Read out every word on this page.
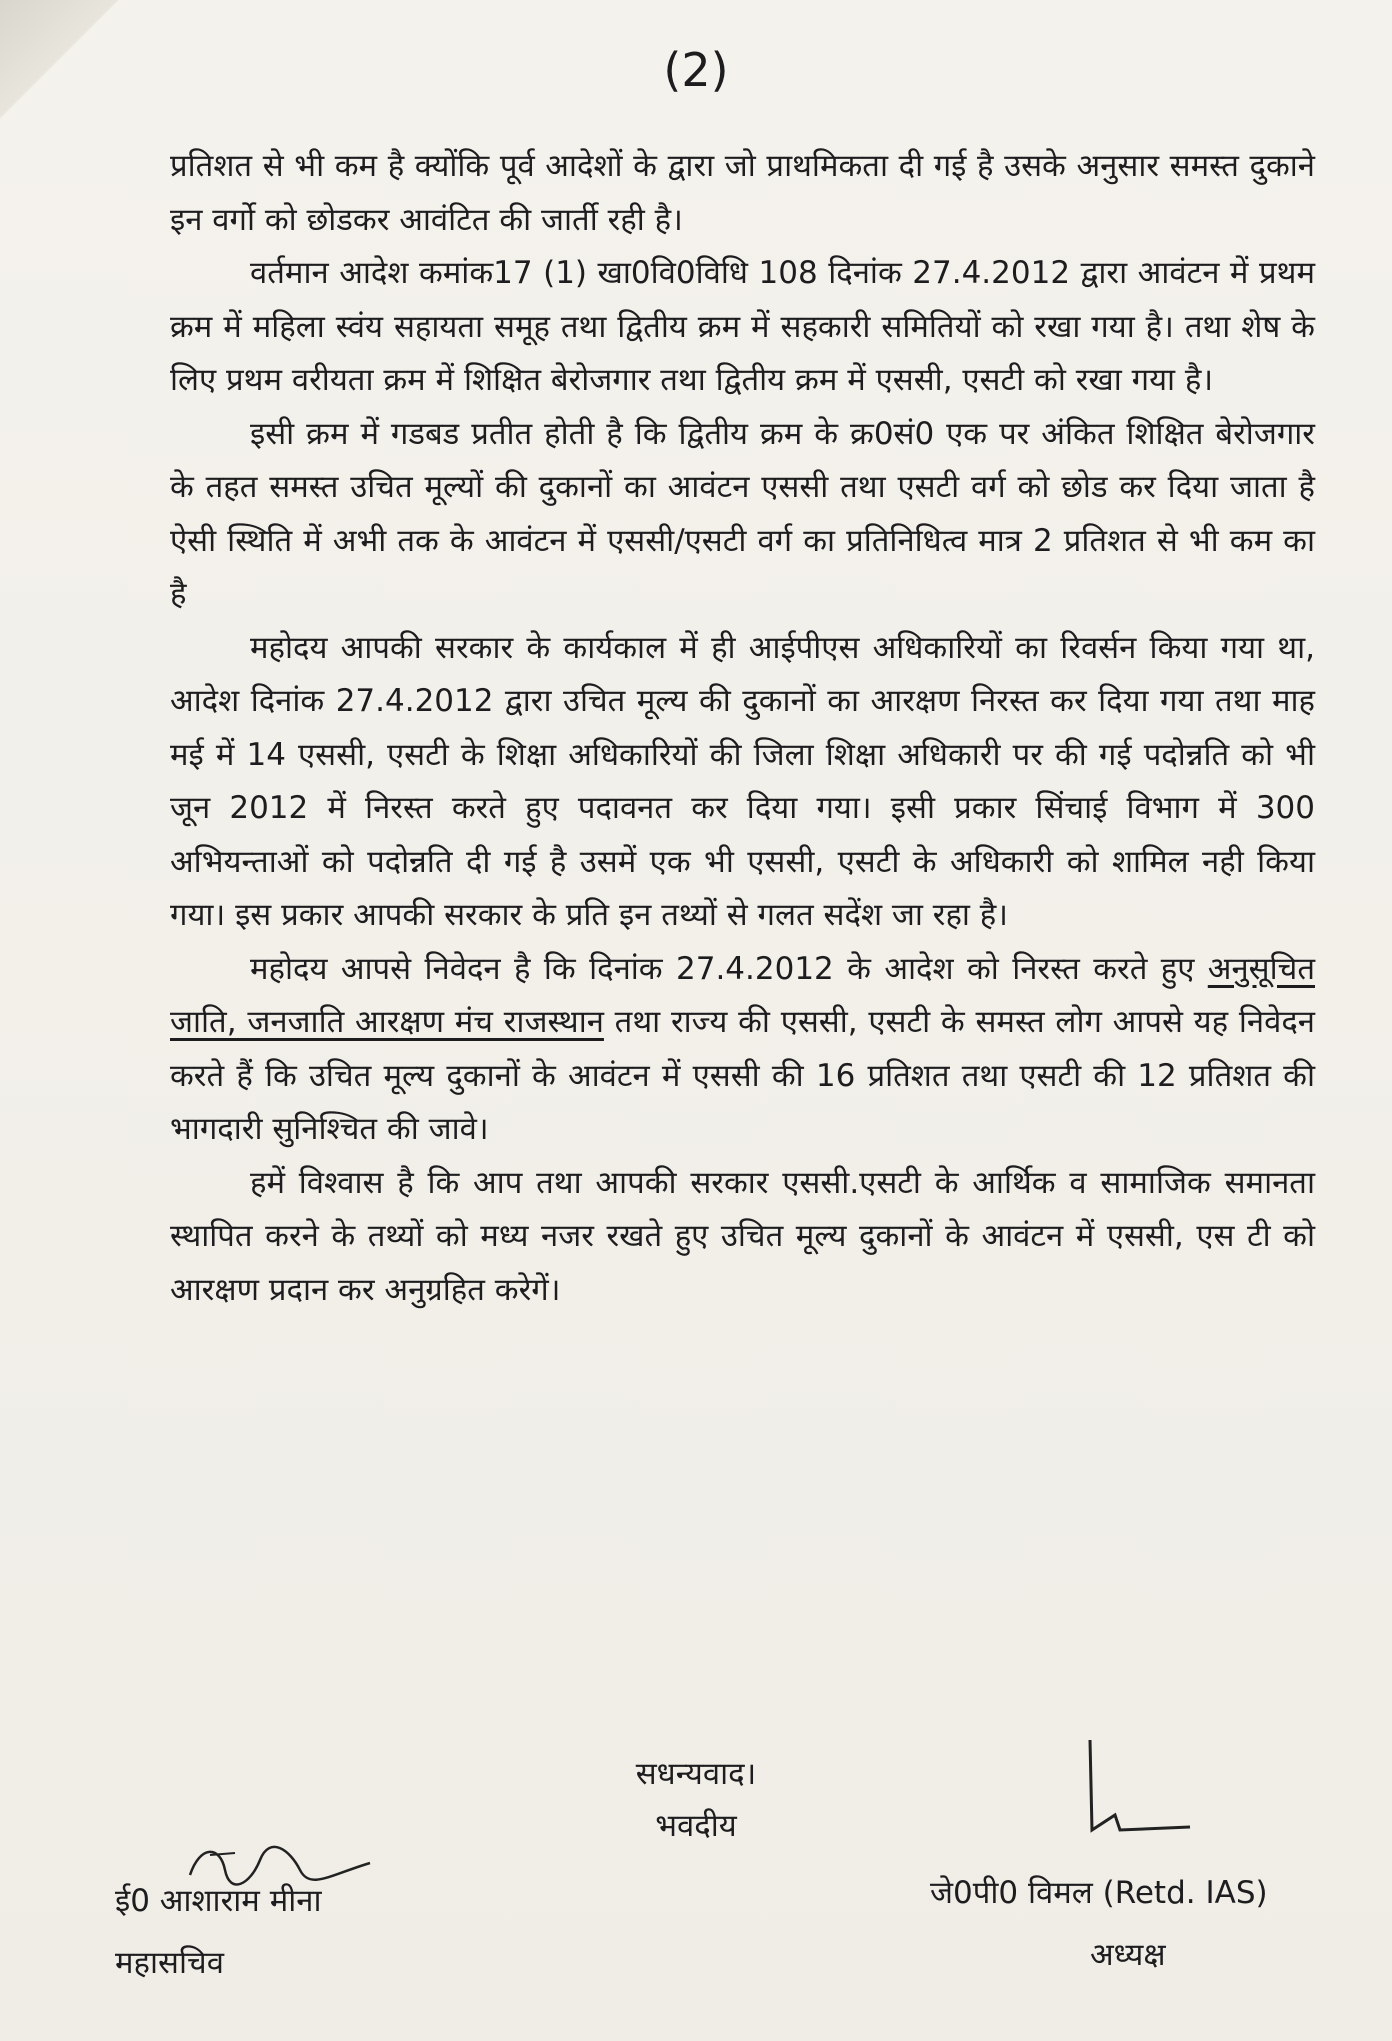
(2)

प्रतिशत से भी कम है क्योंकि पूर्व आदेशों के द्वारा जो प्राथमिकता दी गई है उसके अनुसार समस्त दुकाने इन वर्गो को छोडकर आवंटित की जार्ती रही है।

वर्तमान आदेश कमांक17 (1) खा0वि0विधि 108 दिनांक 27.4.2012 द्वारा आवंटन में प्रथम क्रम में महिला स्वंय सहायता समूह तथा द्वितीय क्रम में सहकारी समितियों को रखा गया है। तथा शेष के लिए प्रथम वरीयता क्रम में शिक्षित बेरोजगार तथा द्वितीय क्रम में एससी, एसटी को रखा गया है।

इसी क्रम में गडबड प्रतीत होती है कि द्वितीय क्रम के क्र0सं0 एक पर अंकित शिक्षित बेरोजगार के तहत समस्त उचित मूल्यों की दुकानों का आवंटन एससी तथा एसटी वर्ग को छोड कर दिया जाता है ऐसी स्थिति में अभी तक के आवंटन में एससी/एसटी वर्ग का प्रतिनिधित्व मात्र 2 प्रतिशत से भी कम का है

महोदय आपकी सरकार के कार्यकाल में ही आईपीएस अधिकारियों का रिवर्सन किया गया था, आदेश दिनांक 27.4.2012 द्वारा उचित मूल्य की दुकानों का आरक्षण निरस्त कर दिया गया तथा माह मई में 14 एससी, एसटी के शिक्षा अधिकारियों की जिला शिक्षा अधिकारी पर की गई पदोन्नति को भी जून 2012 में निरस्त करते हुए पदावनत कर दिया गया। इसी प्रकार सिंचाई विभाग में 300 अभियन्ताओं को पदोन्नति दी गई है उसमें एक भी एससी, एसटी के अधिकारी को शामिल नही किया गया। इस प्रकार आपकी सरकार के प्रति इन तथ्यों से गलत सदेंश जा रहा है।

महोदय आपसे निवेदन है कि दिनांक 27.4.2012 के आदेश को निरस्त करते हुए अनुसूचित जाति, जनजाति आरक्षण मंच राजस्थान तथा राज्य की एससी, एसटी के समस्त लोग आपसे यह निवेदन करते हैं कि उचित मूल्य दुकानों के आवंटन में एससी की 16 प्रतिशत तथा एसटी की 12 प्रतिशत की भागदारी सुनिश्चित की जावे।

हमें विश्वास है कि आप तथा आपकी सरकार एससी.एसटी के आर्थिक व सामाजिक समानता स्थापित करने के तथ्यों को मध्य नजर रखते हुए उचित मूल्य दुकानों के आवंटन में एससी, एस टी को आरक्षण प्रदान कर अनुग्रहित करेगें।

सधन्यवाद।
भवदीय
ई0 आशाराम मीना
महासचिव
जे0पी0 विमल (Retd. IAS)
अध्यक्ष
